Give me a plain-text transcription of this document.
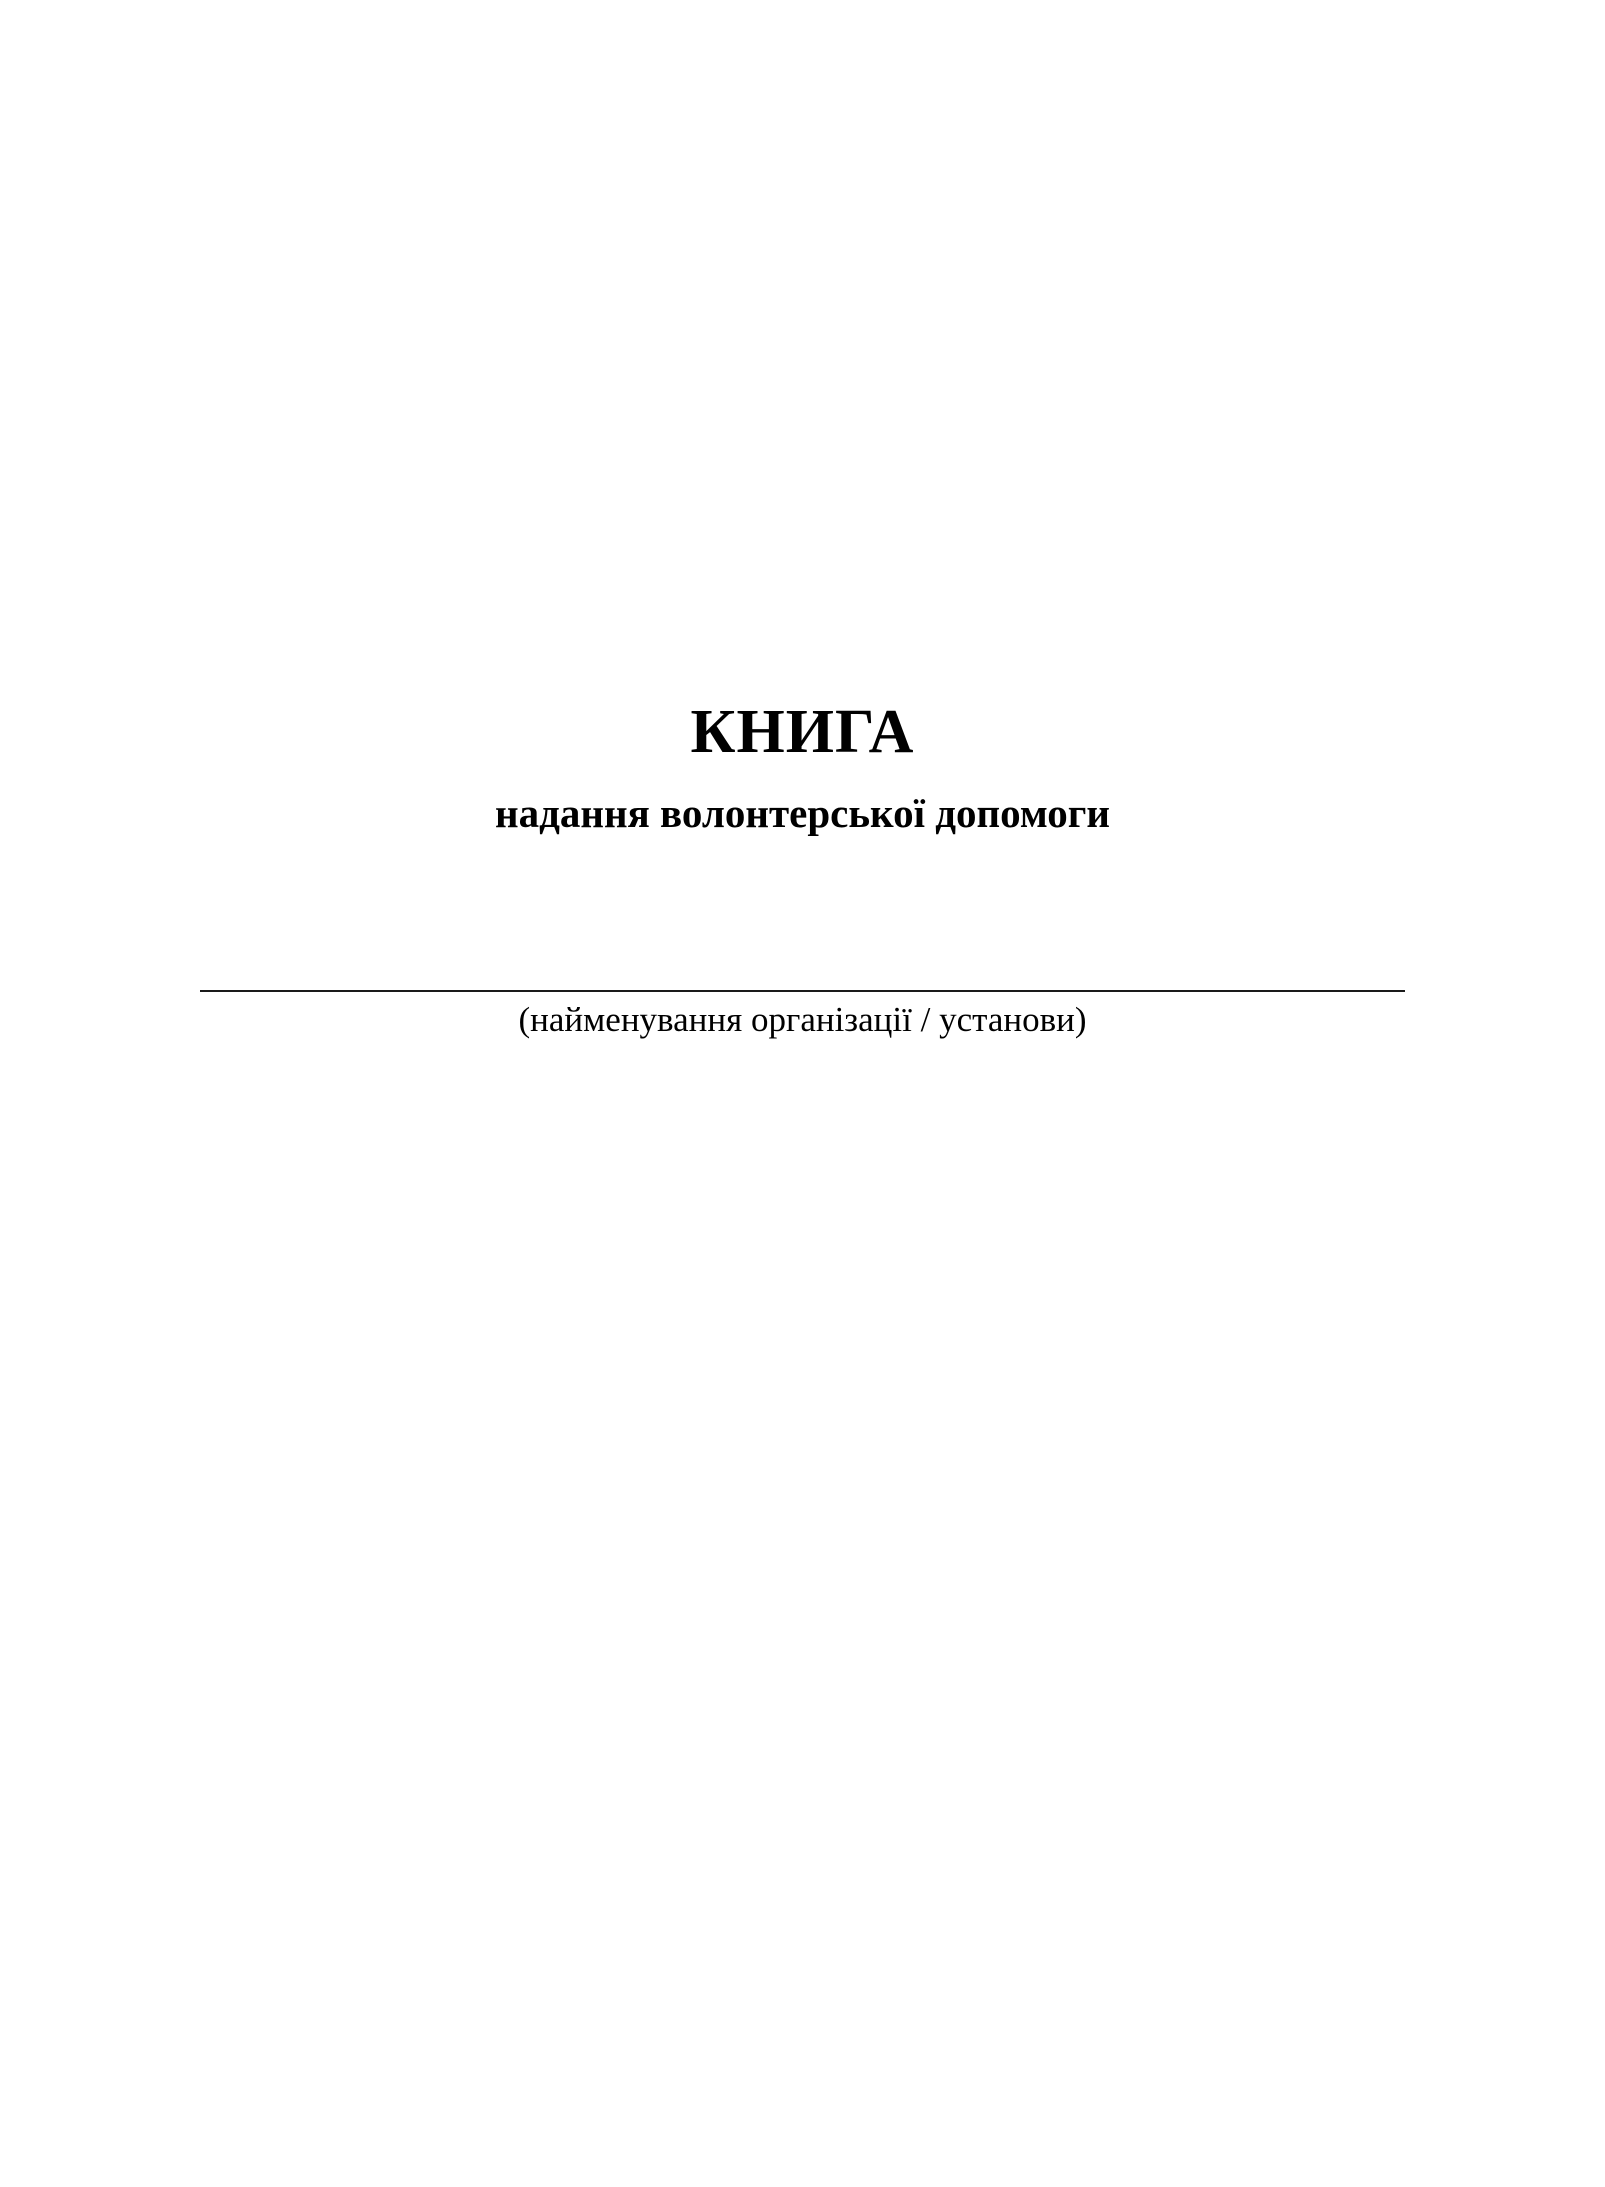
КНИГА
надання волонтерської допомоги
(найменування організації / установи)
